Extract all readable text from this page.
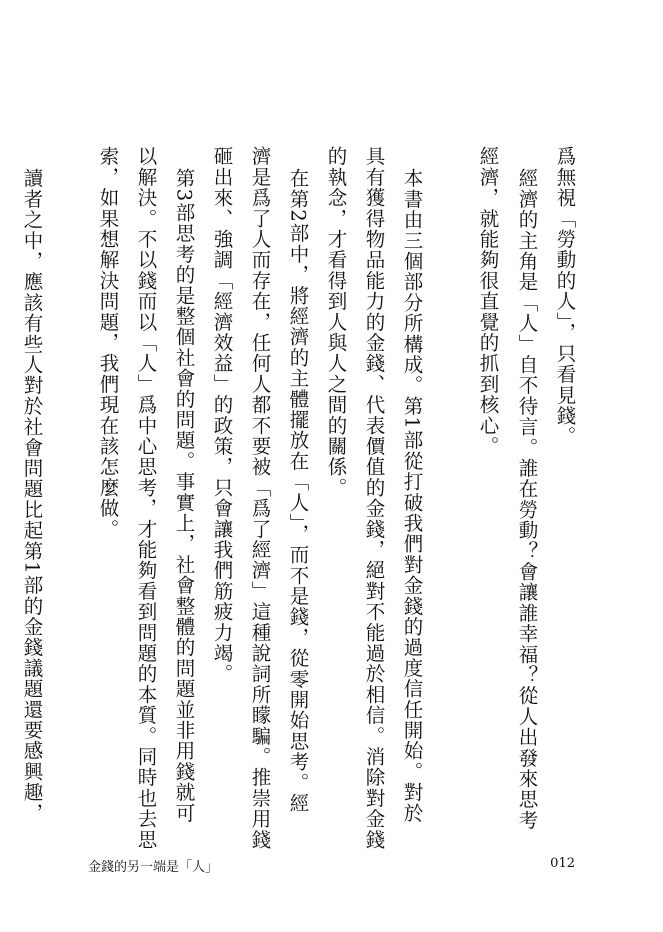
爲無視「勞動的人」，只看見錢。
經濟的主角是「人」自不待言。誰在勞動？會讓誰幸福？從人出發來思考
經濟，就能夠很直覺的抓到核心。
本書由三個部分所構成。第1部從打破我們對金錢的過度信任開始。對於
具有獲得物品能力的金錢、代表價值的金錢，絕對不能過於相信。消除對金錢
的執念，才看得到人與人之間的關係。
在第2部中，將經濟的主體擺放在「人」，而不是錢，從零開始思考。經
濟是爲了人而存在，任何人都不要被「爲了經濟」這種說詞所矇騙。推崇用錢
砸出來、強調「經濟效益」的政策，只會讓我們筋疲力竭。
第3部思考的是整個社會的問題。事實上，社會整體的問題並非用錢就可
以解決。不以錢而以「人」爲中心思考，才能夠看到問題的本質。同時也去思
索，如果想解決問題，我們現在該怎麼做。
讀者之中，應該有些人對於社會問題比起第1部的金錢議題還要感興趣，
金錢的另一端是「人」	012
